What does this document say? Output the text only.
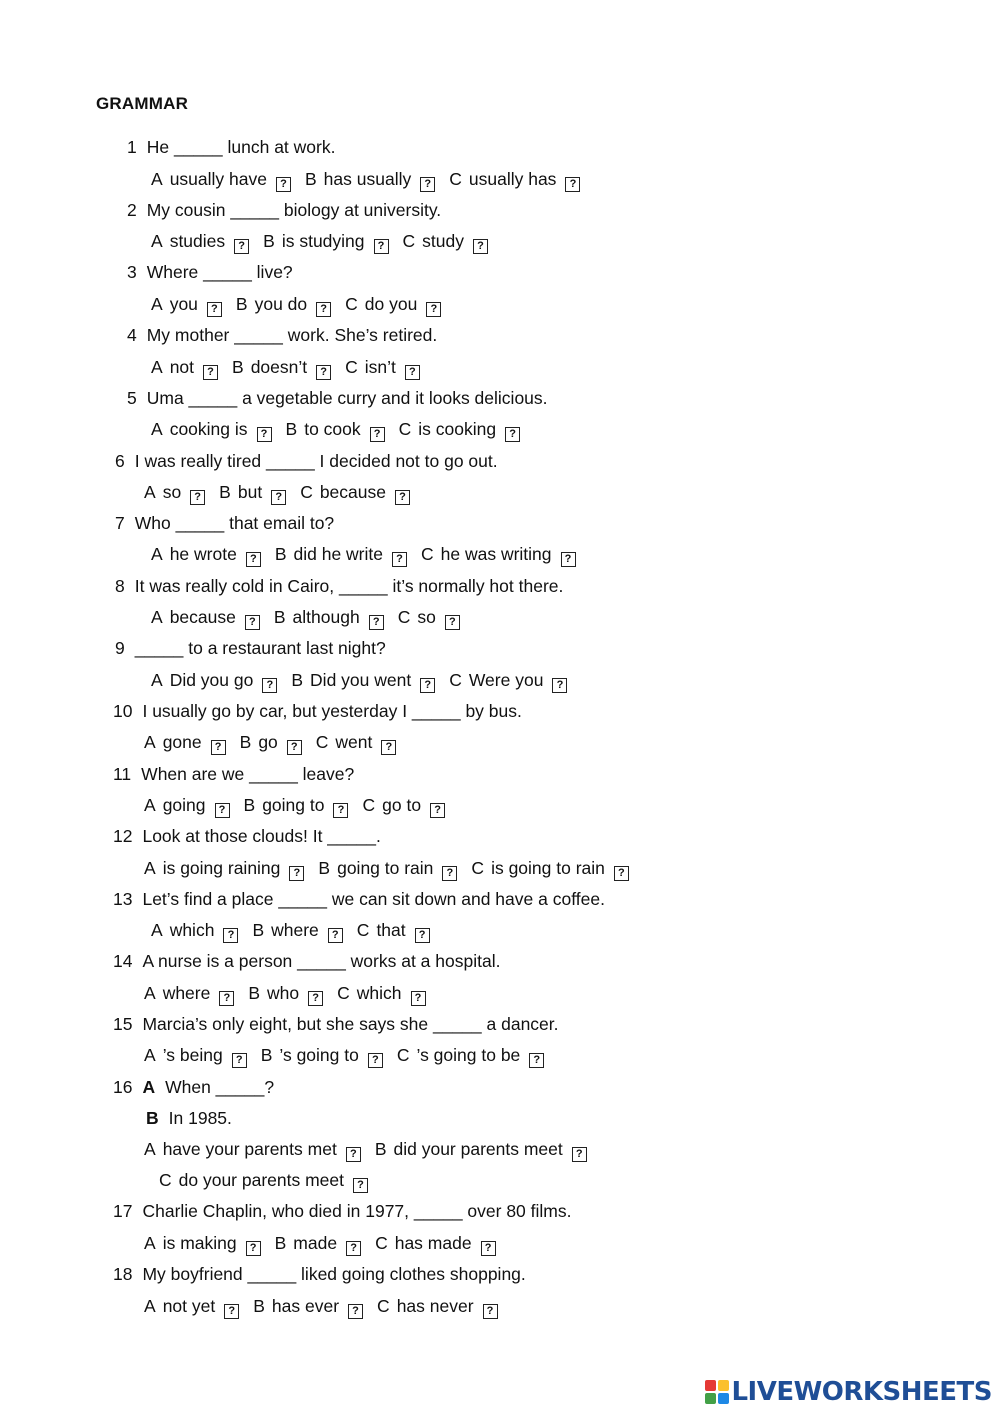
GRAMMAR
1 He _____ lunch at work.
A usually have ? B has usually ? C usually has ?
2 My cousin _____ biology at university.
A studies ? B is studying ? C study ?
3 Where _____ live?
A you ? B you do ? C do you ?
4 My mother _____ work. She’s retired.
A not ? B doesn’t ? C isn’t ?
5 Uma _____ a vegetable curry and it looks delicious.
A cooking is ? B to cook ? C is cooking ?
6 I was really tired _____ I decided not to go out.
A so ? B but ? C because ?
7 Who _____ that email to?
A he wrote ? B did he write ? C he was writing ?
8 It was really cold in Cairo, _____ it’s normally hot there.
A because ? B although ? C so ?
9 _____ to a restaurant last night?
A Did you go ? B Did you went ? C Were you ?
10 I usually go by car, but yesterday I _____ by bus.
A gone ? B go ? C went ?
11 When are we _____ leave?
A going ? B going to ? C go to ?
12 Look at those clouds! It _____.
A is going raining ? B going to rain ? C is going to rain ?
13 Let’s find a place _____ we can sit down and have a coffee.
A which ? B where ? C that ?
14 A nurse is a person _____ works at a hospital.
A where ? B who ? C which ?
15 Marcia’s only eight, but she says she _____ a dancer.
A ’s being ? B ’s going to ? C ’s going to be ?
16 A When _____?
B In 1985.
A have your parents met ? B did your parents meet ?
C do your parents meet ?
17 Charlie Chaplin, who died in 1977, _____ over 80 films.
A is making ? B made ? C has made ?
18 My boyfriend _____ liked going clothes shopping.
A not yet ? B has ever ? C has never ?
LIVEWORKSHEETS
